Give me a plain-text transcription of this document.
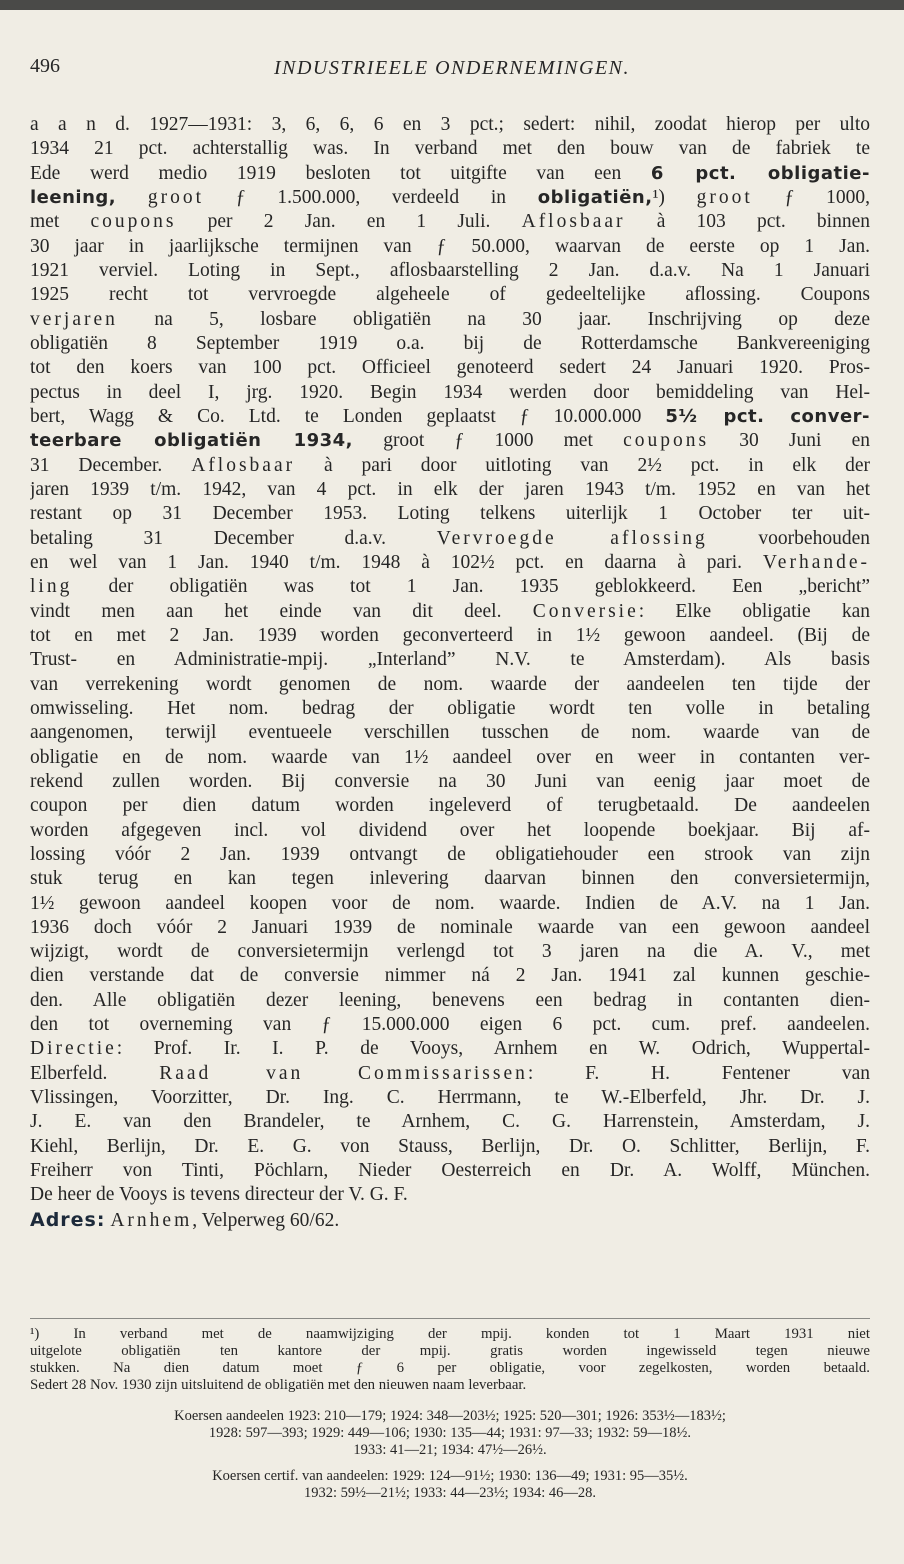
496	INDUSTRIEELE ONDERNEMINGEN.
a a n d. 1927—1931: 3, 6, 6, 6 en 3 pct.; sedert: nihil, zoodat hierop per ulto
1934 21 pct. achterstallig was. In verband met den bouw van de fabriek te
Ede werd medio 1919 besloten tot uitgifte van een 6 pct. obligatie-
leening, groot ƒ 1.500.000, verdeeld in obligatiën,¹) groot ƒ 1000,
met coupons per 2 Jan. en 1 Juli. Aflosbaar à 103 pct. binnen
30 jaar in jaarlijksche termijnen van ƒ 50.000, waarvan de eerste op 1 Jan.
1921 verviel. Loting in Sept., aflosbaarstelling 2 Jan. d.a.v. Na 1 Januari
1925 recht tot vervroegde algeheele of gedeeltelijke aflossing. Coupons
verjaren na 5, losbare obligatiën na 30 jaar. Inschrijving op deze
obligatiën 8 September 1919 o.a. bij de Rotterdamsche Bankvereeniging
tot den koers van 100 pct. Officieel genoteerd sedert 24 Januari 1920. Pros-
pectus in deel I, jrg. 1920. Begin 1934 werden door bemiddeling van Hel-
bert, Wagg & Co. Ltd. te Londen geplaatst ƒ 10.000.000 5½ pct. conver-
teerbare obligatiën 1934, groot ƒ 1000 met coupons 30 Juni en
31 December. Aflosbaar à pari door uitloting van 2½ pct. in elk der
jaren 1939 t/m. 1942, van 4 pct. in elk der jaren 1943 t/m. 1952 en van het
restant op 31 December 1953. Loting telkens uiterlijk 1 October ter uit-
betaling 31 December d.a.v. Vervroegde aflossing voorbehouden
en wel van 1 Jan. 1940 t/m. 1948 à 102½ pct. en daarna à pari. Verhande-
ling der obligatiën was tot 1 Jan. 1935 geblokkeerd. Een „bericht”
vindt men aan het einde van dit deel. Conversie: Elke obligatie kan
tot en met 2 Jan. 1939 worden geconverteerd in 1½ gewoon aandeel. (Bij de
Trust- en Administratie-mpij. „Interland” N.V. te Amsterdam). Als basis
van verrekening wordt genomen de nom. waarde der aandeelen ten tijde der
omwisseling. Het nom. bedrag der obligatie wordt ten volle in betaling
aangenomen, terwijl eventueele verschillen tusschen de nom. waarde van de
obligatie en de nom. waarde van 1½ aandeel over en weer in contanten ver-
rekend zullen worden. Bij conversie na 30 Juni van eenig jaar moet de
coupon per dien datum worden ingeleverd of terugbetaald. De aandeelen
worden afgegeven incl. vol dividend over het loopende boekjaar. Bij af-
lossing vóór 2 Jan. 1939 ontvangt de obligatiehouder een strook van zijn
stuk terug en kan tegen inlevering daarvan binnen den conversietermijn,
1½ gewoon aandeel koopen voor de nom. waarde. Indien de A.V. na 1 Jan.
1936 doch vóór 2 Januari 1939 de nominale waarde van een gewoon aandeel
wijzigt, wordt de conversietermijn verlengd tot 3 jaren na die A. V., met
dien verstande dat de conversie nimmer ná 2 Jan. 1941 zal kunnen geschie-
den. Alle obligatiën dezer leening, benevens een bedrag in contanten dien-
den tot overneming van ƒ 15.000.000 eigen 6 pct. cum. pref. aandeelen.
Directie: Prof. Ir. I. P. de Vooys, Arnhem en W. Odrich, Wuppertal-
Elberfeld. Raad van Commissarissen: F. H. Fentener van
Vlissingen, Voorzitter, Dr. Ing. C. Herrmann, te W.-Elberfeld, Jhr. Dr. J.
J. E. van den Brandeler, te Arnhem, C. G. Harrenstein, Amsterdam, J.
Kiehl, Berlijn, Dr. E. G. von Stauss, Berlijn, Dr. O. Schlitter, Berlijn, F.
Freiherr von Tinti, Pöchlarn, Nieder Oesterreich en Dr. A. Wolff, München.
De heer de Vooys is tevens directeur der V. G. F.
Adres: Arnhem, Velperweg 60/62.
¹) In verband met de naamwijziging der mpij. konden tot 1 Maart 1931 niet
uitgelote obligatiën ten kantore der mpij. gratis worden ingewisseld tegen nieuwe
stukken. Na dien datum moet ƒ 6 per obligatie, voor zegelkosten, worden betaald.
Sedert 28 Nov. 1930 zijn uitsluitend de obligatiën met den nieuwen naam leverbaar.
Koersen aandeelen 1923: 210—179; 1924: 348—203½; 1925: 520—301; 1926: 353½—183½;
1928: 597—393; 1929: 449—106; 1930: 135—44; 1931: 97—33; 1932: 59—18½.
1933: 41—21; 1934: 47½—26½.
Koersen certif. van aandeelen: 1929: 124—91½; 1930: 136—49; 1931: 95—35½.
1932: 59½—21½; 1933: 44—23½; 1934: 46—28.
